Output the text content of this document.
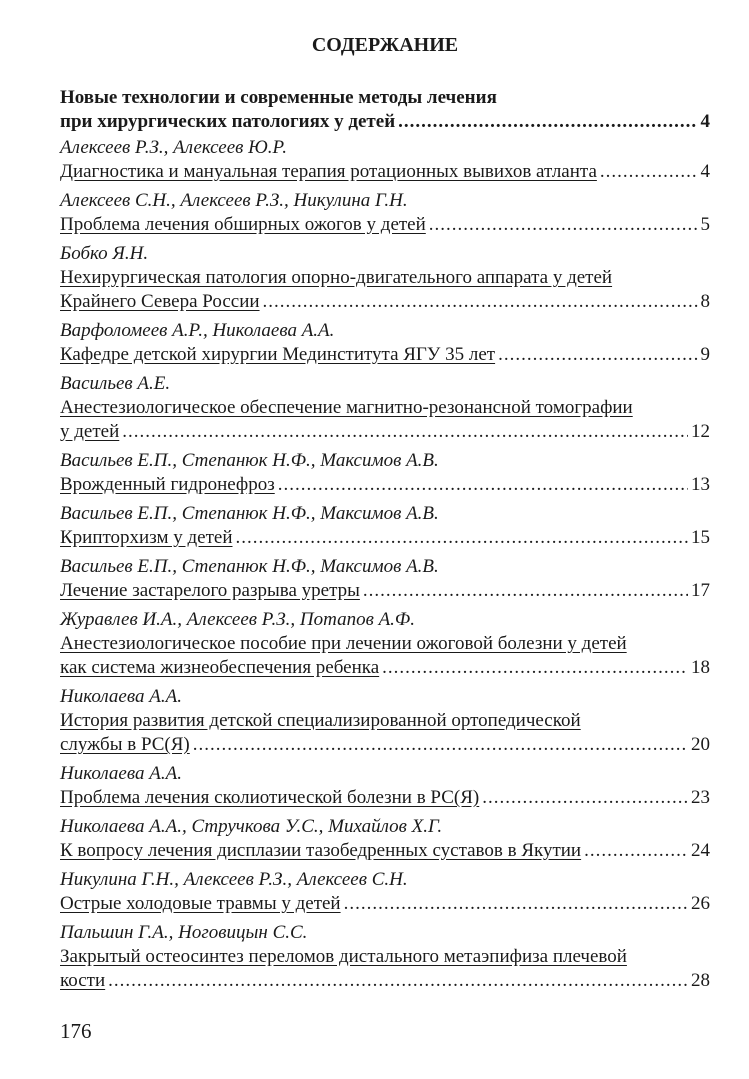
СОДЕРЖАНИЕ
Новые технологии и современные методы лечения
при хирургических патологиях у детей .....	4
Алексеев Р.З., Алексеев Ю.Р.
Диагностика и мануальная терапия ротационных вывихов атланта .....	4
Алексеев С.Н., Алексеев Р.З., Никулина Г.Н.
Проблема лечения обширных ожогов у детей .....	5
Бобко Я.Н.
Нехирургическая патология опорно-двигательного аппарата у детей
Крайнего Севера России .....	8
Варфоломеев А.Р., Николаева А.А.
Кафедре детской хирургии Мединститута ЯГУ 35 лет .....	9
Васильев А.Е.
Анестезиологическое обеспечение магнитно-резонансной томографии
у детей .....	12
Васильев Е.П., Степанюк Н.Ф., Максимов А.В.
Врожденный гидронефроз .....	13
Васильев Е.П., Степанюк Н.Ф., Максимов А.В.
Крипторхизм у детей .....	15
Васильев Е.П., Степанюк Н.Ф., Максимов А.В.
Лечение застарелого разрыва уретры .....	17
Журавлев И.А., Алексеев Р.З., Потапов А.Ф.
Анестезиологическое пособие при лечении ожоговой болезни у детей
как система жизнеобеспечения ребенка .....	18
Николаева А.А.
История развития детской специализированной ортопедической
службы в РС(Я) .....	20
Николаева А.А.
Проблема лечения сколиотической болезни в РС(Я) .....	23
Николаева А.А., Стручкова У.С., Михайлов Х.Г.
К вопросу лечения дисплазии тазобедренных суставов в Якутии .....	24
Никулина Г.Н., Алексеев Р.З., Алексеев С.Н.
Острые холодовые травмы у детей .....	26
Пальшин Г.А., Ноговицын С.С.
Закрытый остеосинтез переломов дистального метаэпифиза плечевой
кости .....	28
176
